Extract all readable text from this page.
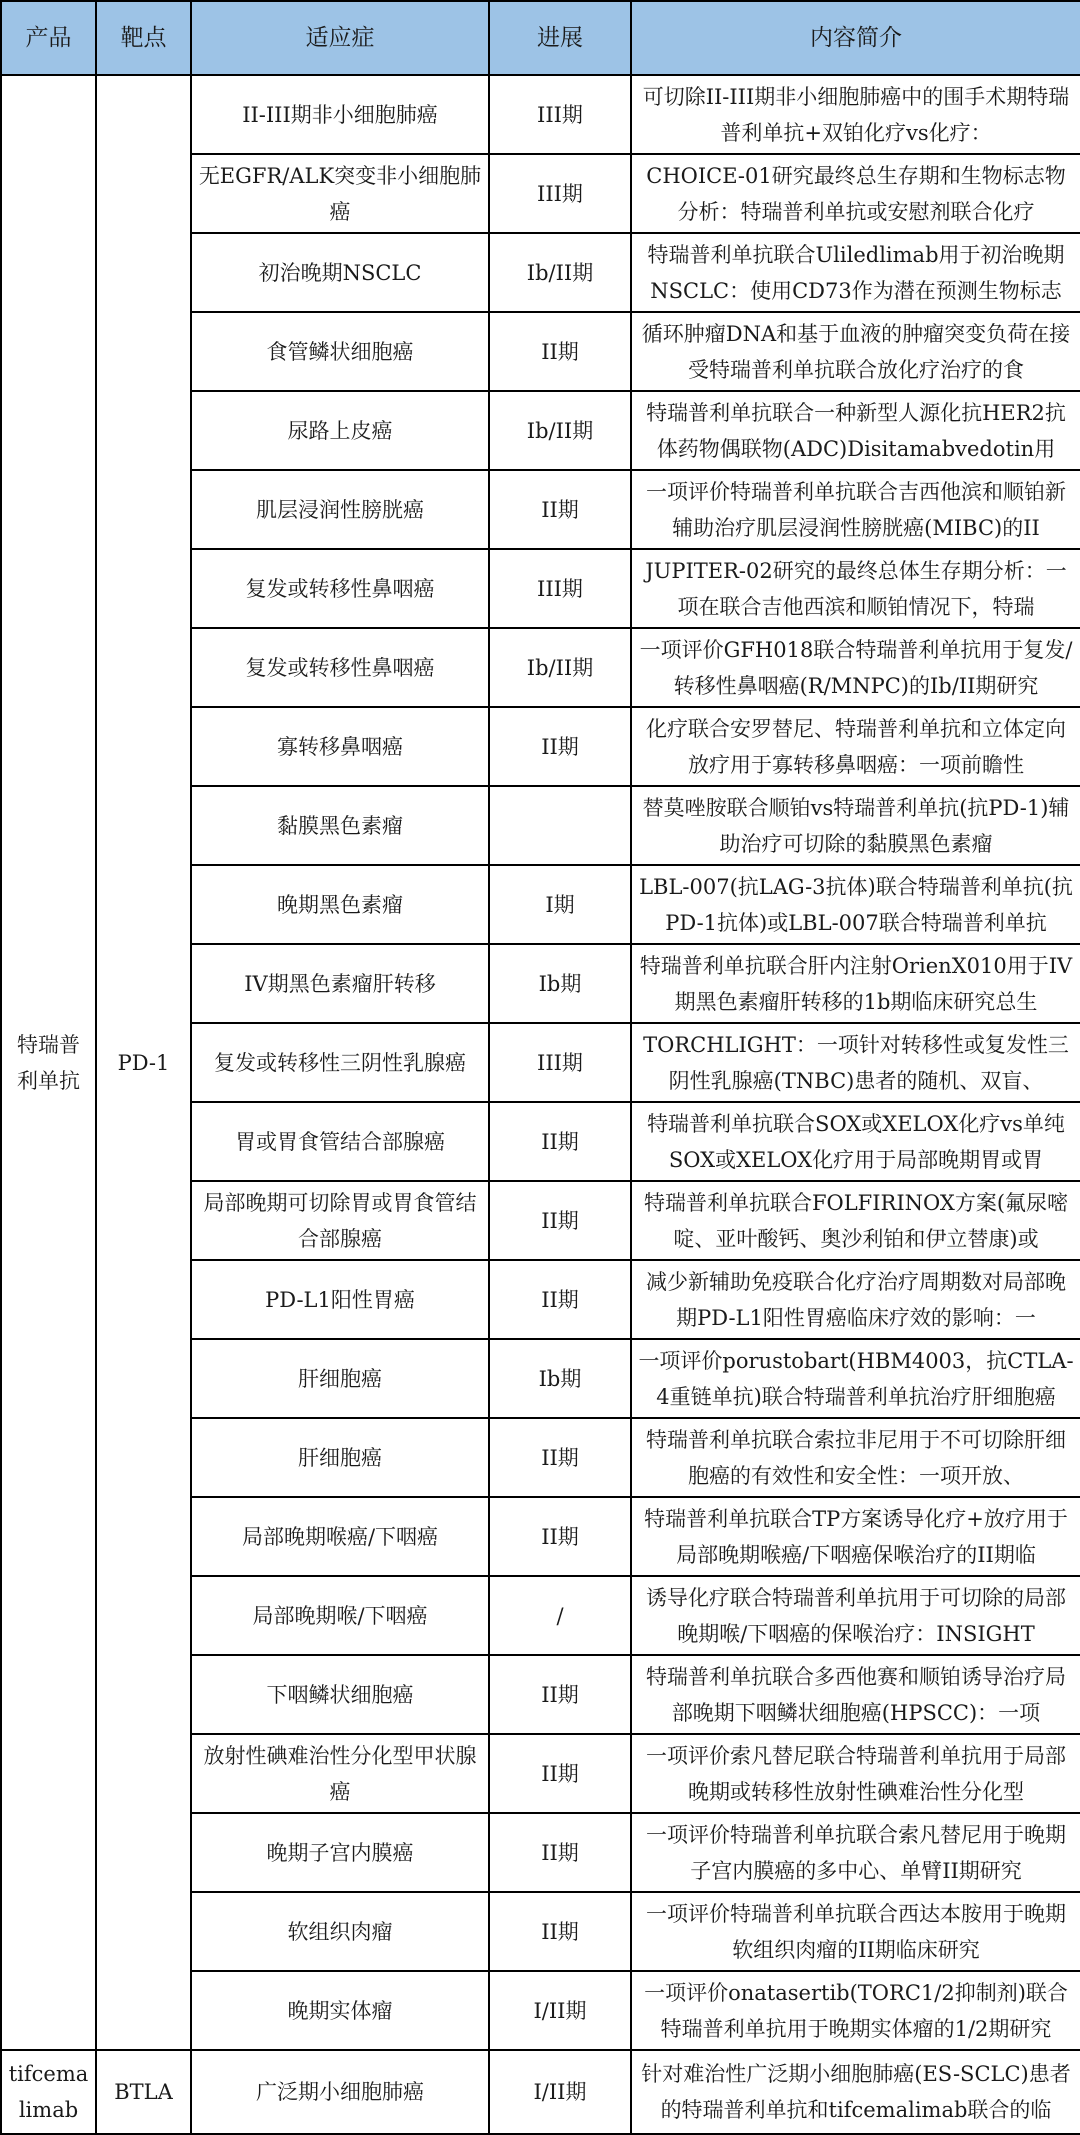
产品	靶点	适应症	进展	内容简介
特瑞普利单抗	PD-1	II-III期非小细胞肺癌	III期	可切除II-III期非小细胞肺癌中的围手术期特瑞普利单抗+双铂化疗vs化疗：

		无EGFR/ALK突变非小细胞肺癌	III期	CHOICE-01研究最终总生存期和生物标志物分析：特瑞普利单抗或安慰剂联合化疗

		初治晚期NSCLC	Ib/II期	特瑞普利单抗联合Uliledlimab用于初治晚期NSCLC：使用CD73作为潜在预测生物标志

		食管鳞状细胞癌	II期	循环肿瘤DNA和基于血液的肿瘤突变负荷在接受特瑞普利单抗联合放化疗治疗的食

		尿路上皮癌	Ib/II期	特瑞普利单抗联合一种新型人源化抗HER2抗体药物偶联物(ADC)Disitamabvedotin用

		肌层浸润性膀胱癌	II期	一项评价特瑞普利单抗联合吉西他滨和顺铂新辅助治疗肌层浸润性膀胱癌(MIBC)的II

		复发或转移性鼻咽癌	III期	JUPITER-02研究的最终总体生存期分析：一项在联合吉他西滨和顺铂情况下，特瑞

		复发或转移性鼻咽癌	Ib/II期	一项评价GFH018联合特瑞普利单抗用于复发/转移性鼻咽癌(R/MNPC)的Ib/II期研究

		寡转移鼻咽癌	II期	化疗联合安罗替尼、特瑞普利单抗和立体定向放疗用于寡转移鼻咽癌：一项前瞻性

		黏膜黑色素瘤		替莫唑胺联合顺铂vs特瑞普利单抗(抗PD-1)辅助治疗可切除的黏膜黑色素瘤

		晚期黑色素瘤	I期	LBL-007(抗LAG-3抗体)联合特瑞普利单抗(抗PD-1抗体)或LBL-007联合特瑞普利单抗

		IV期黑色素瘤肝转移	Ib期	特瑞普利单抗联合肝内注射OrienX010用于IV期黑色素瘤肝转移的1b期临床研究总生

		复发或转移性三阴性乳腺癌	III期	TORCHLIGHT：一项针对转移性或复发性三阴性乳腺癌(TNBC)患者的随机、双盲、

		胃或胃食管结合部腺癌	II期	特瑞普利单抗联合SOX或XELOX化疗vs单纯SOX或XELOX化疗用于局部晚期胃或胃

		局部晚期可切除胃或胃食管结合部腺癌	II期	特瑞普利单抗联合FOLFIRINOX方案(氟尿嘧啶、亚叶酸钙、奥沙利铂和伊立替康)或

		PD-L1阳性胃癌	II期	减少新辅助免疫联合化疗治疗周期数对局部晚期PD-L1阳性胃癌临床疗效的影响：一

		肝细胞癌	Ib期	一项评价porustobart(HBM4003，抗CTLA-4重链单抗)联合特瑞普利单抗治疗肝细胞癌

		肝细胞癌	II期	特瑞普利单抗联合索拉非尼用于不可切除肝细胞癌的有效性和安全性：一项开放、

		局部晚期喉癌/下咽癌	II期	特瑞普利单抗联合TP方案诱导化疗+放疗用于局部晚期喉癌/下咽癌保喉治疗的II期临

		局部晚期喉/下咽癌	/	诱导化疗联合特瑞普利单抗用于可切除的局部晚期喉/下咽癌的保喉治疗：INSIGHT

		下咽鳞状细胞癌	II期	特瑞普利单抗联合多西他赛和顺铂诱导治疗局部晚期下咽鳞状细胞癌(HPSCC)：一项

		放射性碘难治性分化型甲状腺癌	II期	一项评价索凡替尼联合特瑞普利单抗用于局部晚期或转移性放射性碘难治性分化型

		晚期子宫内膜癌	II期	一项评价特瑞普利单抗联合索凡替尼用于晚期子宫内膜癌的多中心、单臂II期研究

		软组织肉瘤	II期	一项评价特瑞普利单抗联合西达本胺用于晚期软组织肉瘤的II期临床研究

		晚期实体瘤	I/II期	一项评价onatasertib(TORC1/2抑制剂)联合特瑞普利单抗用于晚期实体瘤的1/2期研究

tifcemalimab	BTLA	广泛期小细胞肺癌	I/II期	针对难治性广泛期小细胞肺癌(ES-SCLC)患者的特瑞普利单抗和tifcemalimab联合的临
